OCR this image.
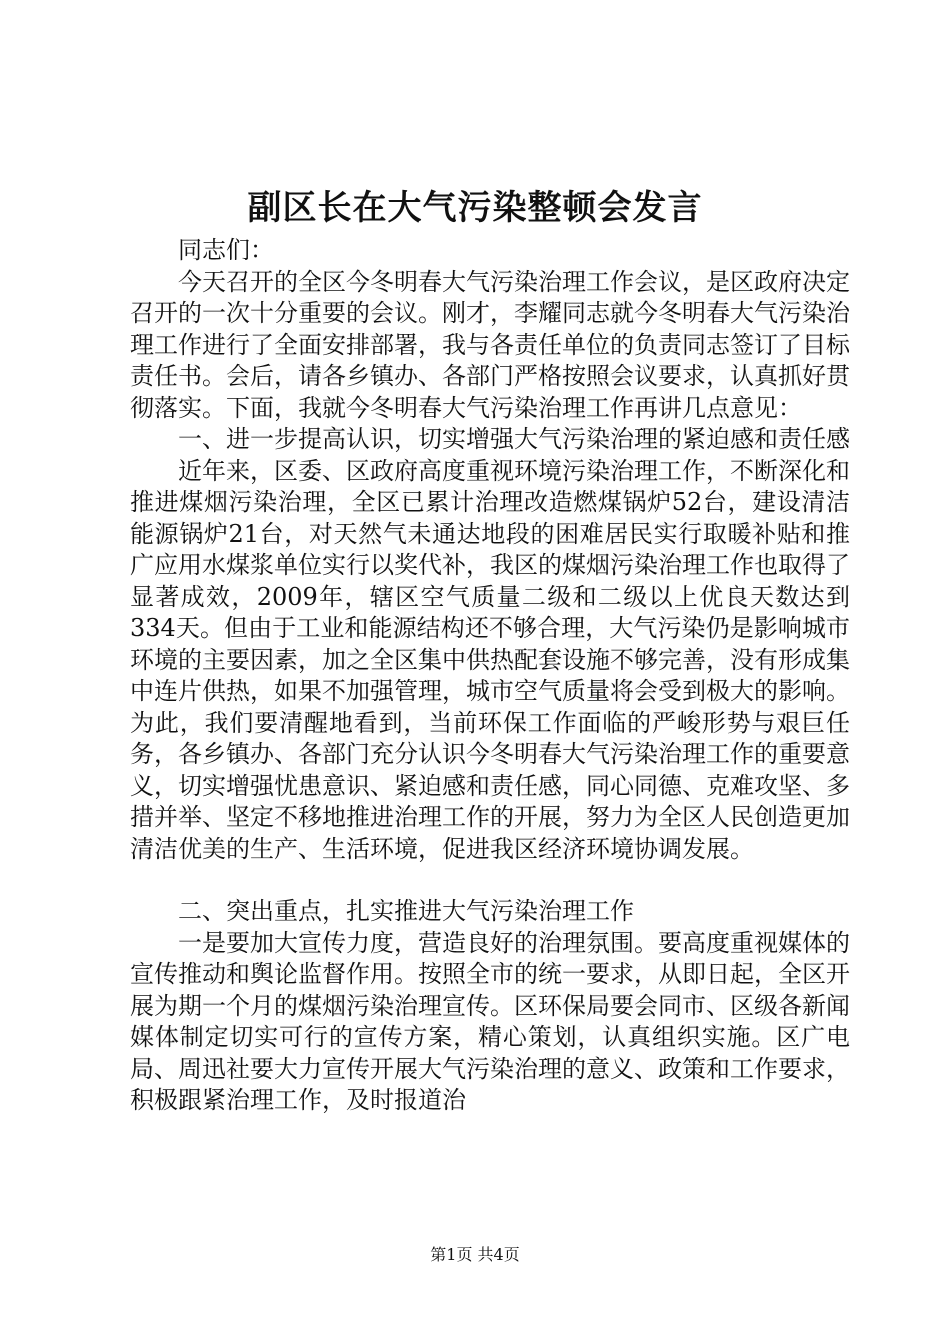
副区长在大气污染整顿会发言

同志们：

今天召开的全区今冬明春大气污染治理工作会议，是区政府决定召开的一次十分重要的会议。刚才，李耀同志就今冬明春大气污染治理工作进行了全面安排部署，我与各责任单位的负责同志签订了目标责任书。会后，请各乡镇办、各部门严格按照会议要求，认真抓好贯彻落实。下面，我就今冬明春大气污染治理工作再讲几点意见：

一、进一步提高认识，切实增强大气污染治理的紧迫感和责任感

近年来，区委、区政府高度重视环境污染治理工作，不断深化和推进煤烟污染治理，全区已累计治理改造燃煤锅炉52台，建设清洁能源锅炉21台，对天然气未通达地段的困难居民实行取暖补贴和推广应用水煤浆单位实行以奖代补，我区的煤烟污染治理工作也取得了显著成效，2009年，辖区空气质量二级和二级以上优良天数达到334天。但由于工业和能源结构还不够合理，大气污染仍是影响城市环境的主要因素，加之全区集中供热配套设施不够完善，没有形成集中连片供热，如果不加强管理，城市空气质量将会受到极大的影响。为此，我们要清醒地看到，当前环保工作面临的严峻形势与艰巨任务，各乡镇办、各部门充分认识今冬明春大气污染治理工作的重要意义，切实增强忧患意识、紧迫感和责任感，同心同德、克难攻坚、多措并举、坚定不移地推进治理工作的开展，努力为全区人民创造更加清洁优美的生产、生活环境，促进我区经济环境协调发展。

二、突出重点，扎实推进大气污染治理工作

一是要加大宣传力度，营造良好的治理氛围。要高度重视媒体的宣传推动和舆论监督作用。按照全市的统一要求，从即日起，全区开展为期一个月的煤烟污染治理宣传。区环保局要会同市、区级各新闻媒体制定切实可行的宣传方案，精心策划，认真组织实施。区广电局、周迅社要大力宣传开展大气污染治理的意义、政策和工作要求，积极跟紧治理工作，及时报道治

第1页 共4页
